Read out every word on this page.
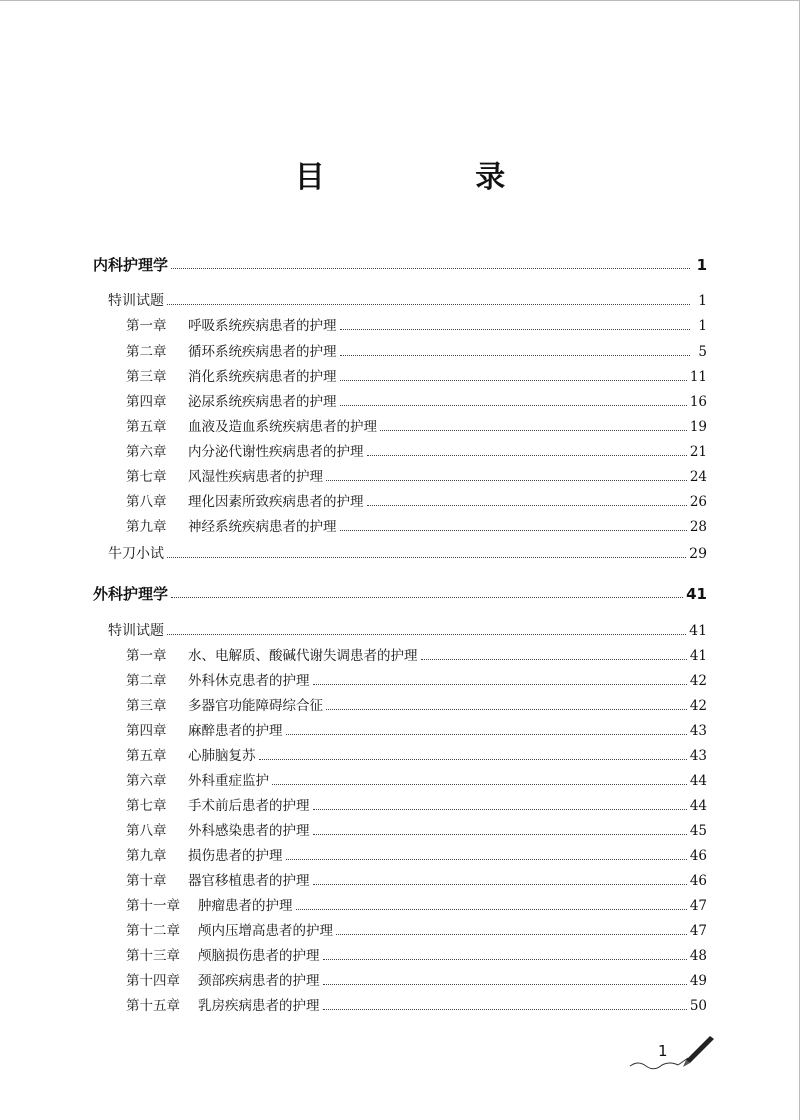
目 录
内科护理学	1
特训试题	1
第一章	呼吸系统疾病患者的护理	1
第二章	循环系统疾病患者的护理	5
第三章	消化系统疾病患者的护理	11
第四章	泌尿系统疾病患者的护理	16
第五章	血液及造血系统疾病患者的护理	19
第六章	内分泌代谢性疾病患者的护理	21
第七章	风湿性疾病患者的护理	24
第八章	理化因素所致疾病患者的护理	26
第九章	神经系统疾病患者的护理	28
牛刀小试	29
外科护理学	41
特训试题	41
第一章	水、电解质、酸碱代谢失调患者的护理	41
第二章	外科休克患者的护理	42
第三章	多器官功能障碍综合征	42
第四章	麻醉患者的护理	43
第五章	心肺脑复苏	43
第六章	外科重症监护	44
第七章	手术前后患者的护理	44
第八章	外科感染患者的护理	45
第九章	损伤患者的护理	46
第十章	器官移植患者的护理	46
第十一章	肿瘤患者的护理	47
第十二章	颅内压增高患者的护理	47
第十三章	颅脑损伤患者的护理	48
第十四章	颈部疾病患者的护理	49
第十五章	乳房疾病患者的护理	50
1
